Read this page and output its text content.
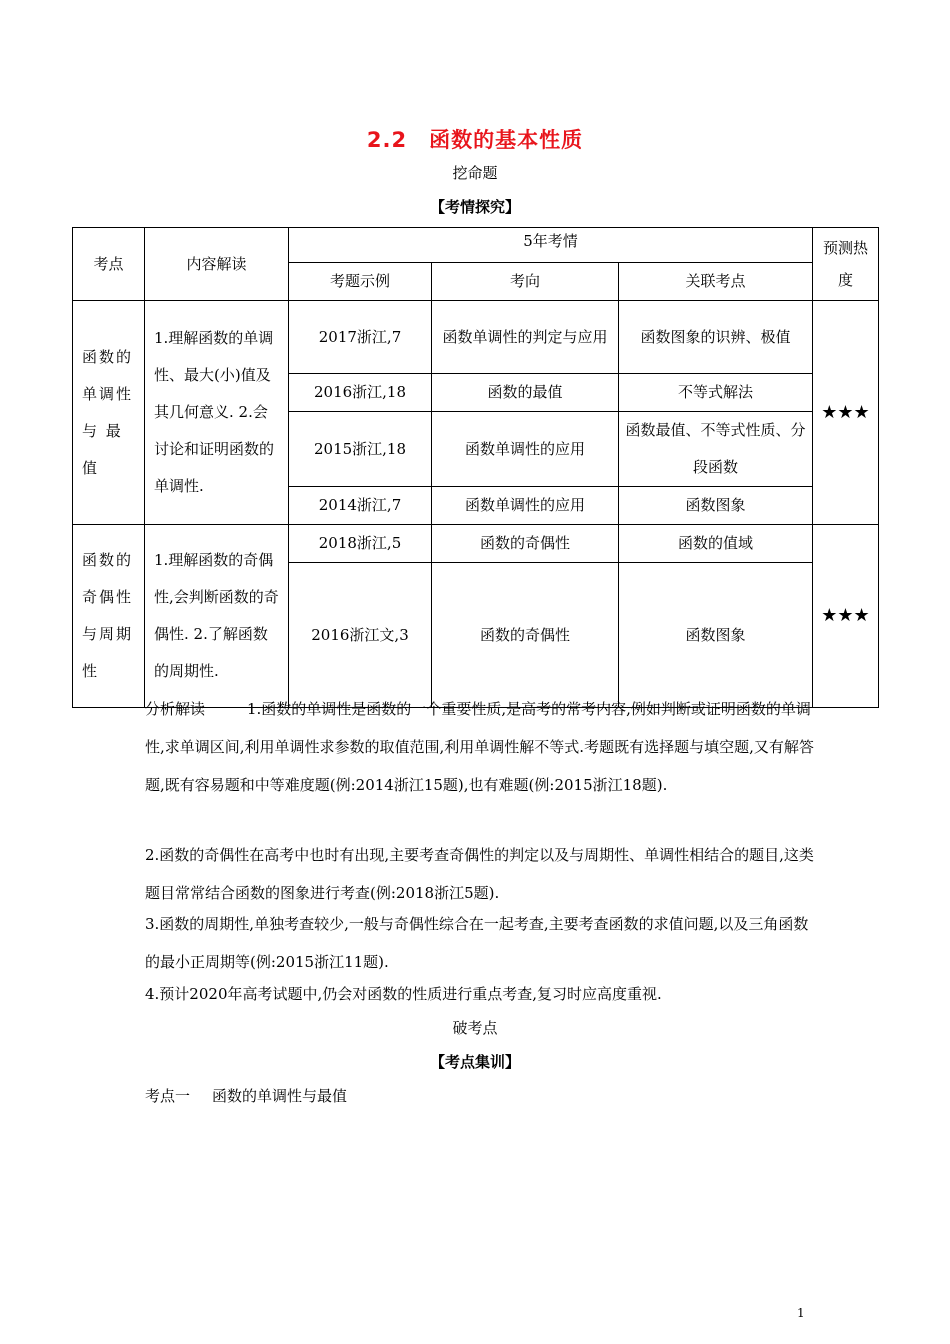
2.2　函数的基本性质
挖命题
【考情探究】
考点	内容解读	5年考情			预测热度
		考题示例	考向	关联考点	
函数的单调性与 最值	1.理解函数的单调性、最大(小)值及其几何意义. 2.会讨论和证明函数的单调性.	2017浙江,7	函数单调性的判定与应用	函数图象的识辨、极值	★★★
		2016浙江,18	函数的最值	不等式解法	
		2015浙江,18	函数单调性的应用	函数最值、不等式性质、分段函数	
		2014浙江,7	函数单调性的应用	函数图象	
函数的奇偶性与周期性	1.理解函数的奇偶性,会判断函数的奇偶性. 2.了解函数的周期性.	2018浙江,5	函数的奇偶性	函数的值域	★★★
		2016浙江文,3	函数的奇偶性	函数图象	
分析解读	1.函数的单调性是函数的一个重要性质,是高考的常考内容,例如判断或证明函数的单调性,求单调区间,利用单调性求参数的取值范围,利用单调性解不等式.考题既有选择题与填空题,又有解答题,既有容易题和中等难度题(例:2014浙江15题),也有难题(例:2015浙江18题).
2.函数的奇偶性在高考中也时有出现,主要考查奇偶性的判定以及与周期性、单调性相结合的题目,这类题目常常结合函数的图象进行考查(例:2018浙江5题).
3.函数的周期性,单独考查较少,一般与奇偶性综合在一起考查,主要考查函数的求值问题,以及三角函数的最小正周期等(例:2015浙江11题).
4.预计2020年高考试题中,仍会对函数的性质进行重点考查,复习时应高度重视.
破考点
【考点集训】
考点一 函数的单调性与最值
1
